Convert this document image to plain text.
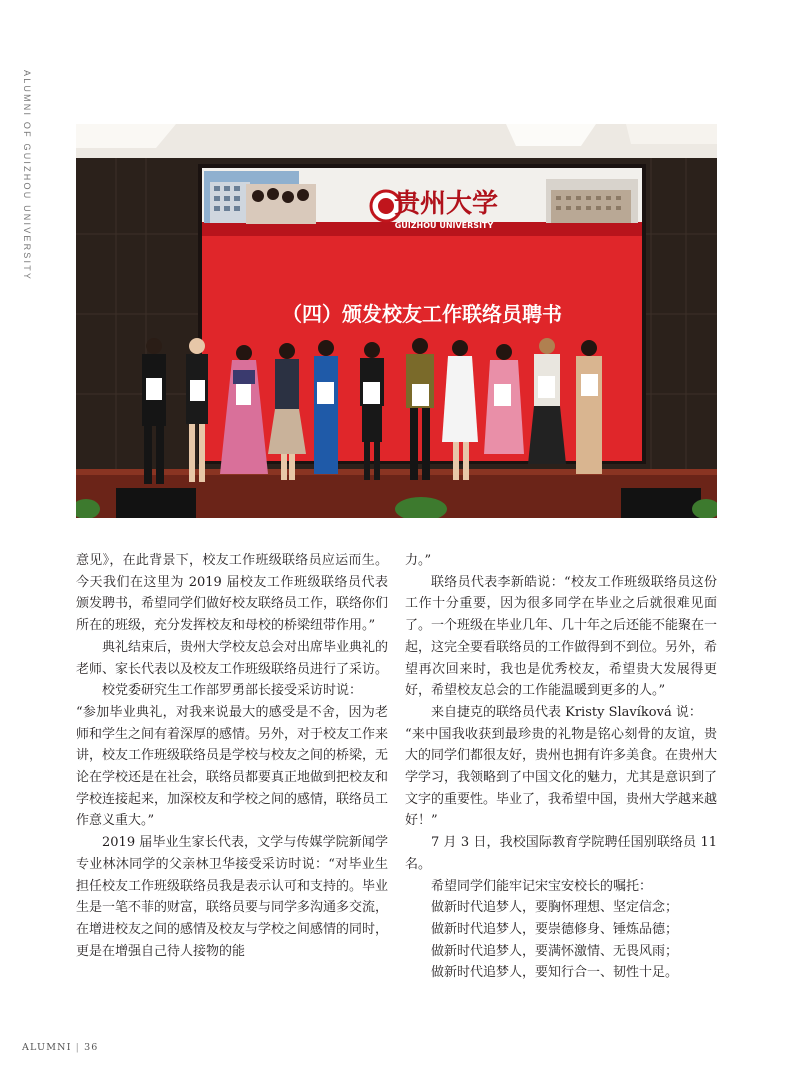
ALUMNI OF GUIZHOU UNIVERSITY	贵州大学
GUIZHOU UNIVERSITY
（四）颁发校友工作联络员聘书

意见》，在此背景下，校友工作班级联络员应运而生。今天我们在这里为 2019 届校友工作班级联络员代表颁发聘书，希望同学们做好校友联络员工作，联络你们所在的班级，充分发挥校友和母校的桥梁纽带作用。”

典礼结束后，贵州大学校友总会对出席毕业典礼的老师、家长代表以及校友工作班级联络员进行了采访。

校党委研究生工作部罗勇部长接受采访时说：

“参加毕业典礼，对我来说最大的感受是不舍，因为老师和学生之间有着深厚的感情。另外，对于校友工作来讲，校友工作班级联络员是学校与校友之间的桥梁，无论在学校还是在社会，联络员都要真正地做到把校友和学校连接起来，加深校友和学校之间的感情，联络员工作意义重大。”

2019 届毕业生家长代表，文学与传媒学院新闻学专业林沐同学的父亲林卫华接受采访时说：“对毕业生担任校友工作班级联络员我是表示认可和支持的。毕业生是一笔不菲的财富，联络员要与同学多沟通多交流，在增进校友之间的感情及校友与学校之间感情的同时，更是在增强自己待人接物的能

力。”

联络员代表李新皓说：“校友工作班级联络员这份工作十分重要，因为很多同学在毕业之后就很难见面了。一个班级在毕业几年、几十年之后还能不能聚在一起，这完全要看联络员的工作做得到不到位。另外，希望再次回来时，我也是优秀校友，希望贵大发展得更好，希望校友总会的工作能温暖到更多的人。”

来自捷克的联络员代表 Kristy Slavíková 说：

“来中国我收获到最珍贵的礼物是铭心刻骨的友谊，贵大的同学们都很友好，贵州也拥有许多美食。在贵州大学学习，我领略到了中国文化的魅力，尤其是意识到了文字的重要性。毕业了，我希望中国，贵州大学越来越好！”

7 月 3 日，我校国际教育学院聘任国别联络员 11 名。

希望同学们能牢记宋宝安校长的嘱托：

做新时代追梦人，要胸怀理想、坚定信念；

做新时代追梦人，要崇德修身、锤炼品德；

做新时代追梦人，要满怀激情、无畏风雨；

做新时代追梦人，要知行合一、韧性十足。

ALUMNI | 36
